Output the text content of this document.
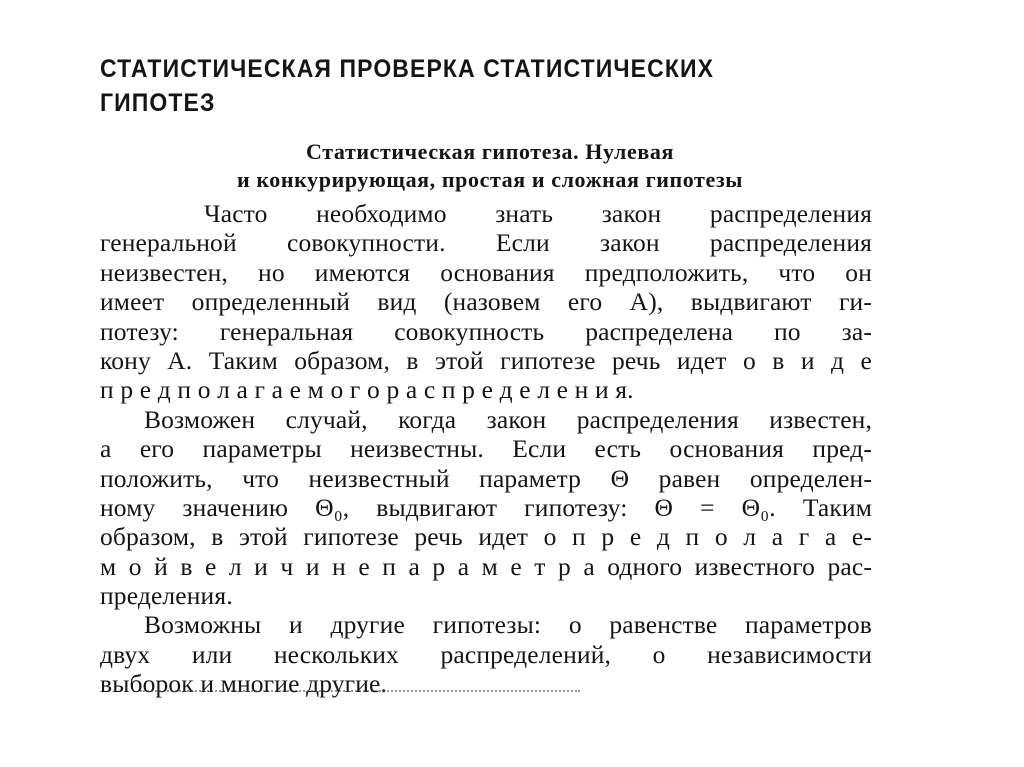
СТАТИСТИЧЕСКАЯ ПРОВЕРКА СТАТИСТИЧЕСКИХ
ГИПОТЕЗ
Статистическая гипотеза. Нулевая
и конкурирующая, простая и сложная гипотезы
Часто необходимо знать закон распределения
генеральной совокупности. Если закон распределения
неизвестен, но имеются основания предположить, что он
имеет определенный вид (назовем его A), выдвигают ги-
потезу: генеральная совокупность распределена по за-
кону A. Таким образом, в этой гипотезе речь идет о в и д е
п р е д п о л а г а е м о г о р а с п р е д е л е н и я.
Возможен случай, когда закон распределения известен,
а его параметры неизвестны. Если есть основания пред-
положить, что неизвестный параметр Θ равен определен-
ному значению Θ₀, выдвигают гипотезу: Θ = Θ₀. Таким
образом, в этой гипотезе речь идет о п р е д п о л а г а е-
м о й в е л и ч и н е п а р а м е т р а одного известного рас-
пределения.
Возможны и другие гипотезы: о равенстве параметров
двух или нескольких распределений, о независимости
выборок и многие другие.
